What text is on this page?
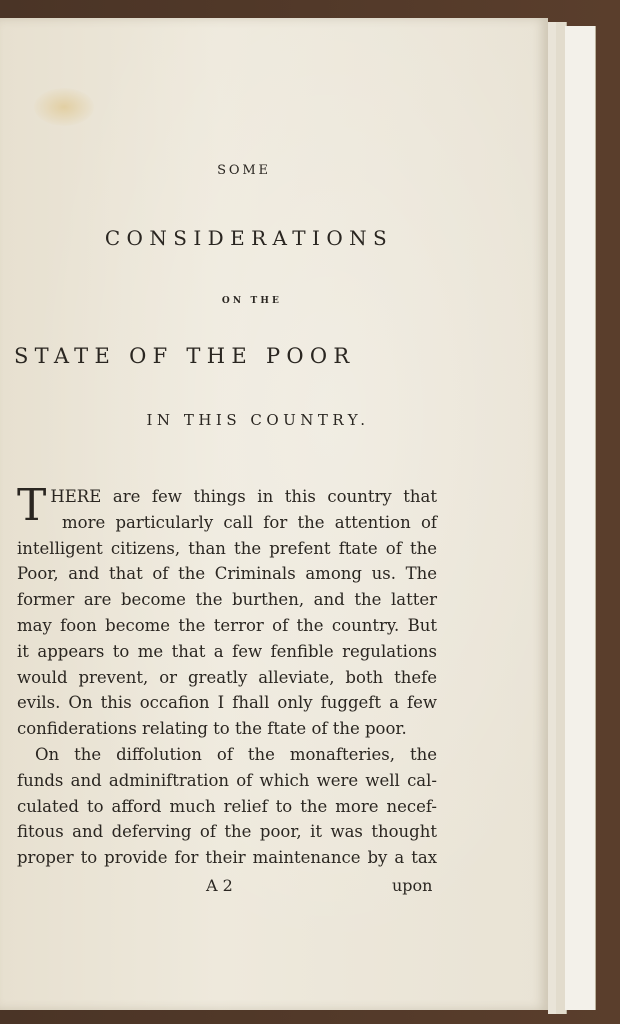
SOME
CONSIDERATIONS
ON THE
STATE OF THE POOR
IN THIS COUNTRY.
T HERE are few things in this country that
more particularly call for the attention of
intelligent citizens, than the prefent ftate of the
Poor, and that of the Criminals among us. The
former are become the burthen, and the latter
may foon become the terror of the country. But
it appears to me that a few fenfible regulations
would prevent, or greatly alleviate, both thefe
evils. On this occafion I fhall only fuggeft a few
confiderations relating to the ftate of the poor.
On the diffolution of the monafteries, the
funds and adminiftration of which were well cal-
culated to afford much relief to the more necef-
fitous and deferving of the poor, it was thought
proper to provide for their maintenance by a tax
A 2	upon
